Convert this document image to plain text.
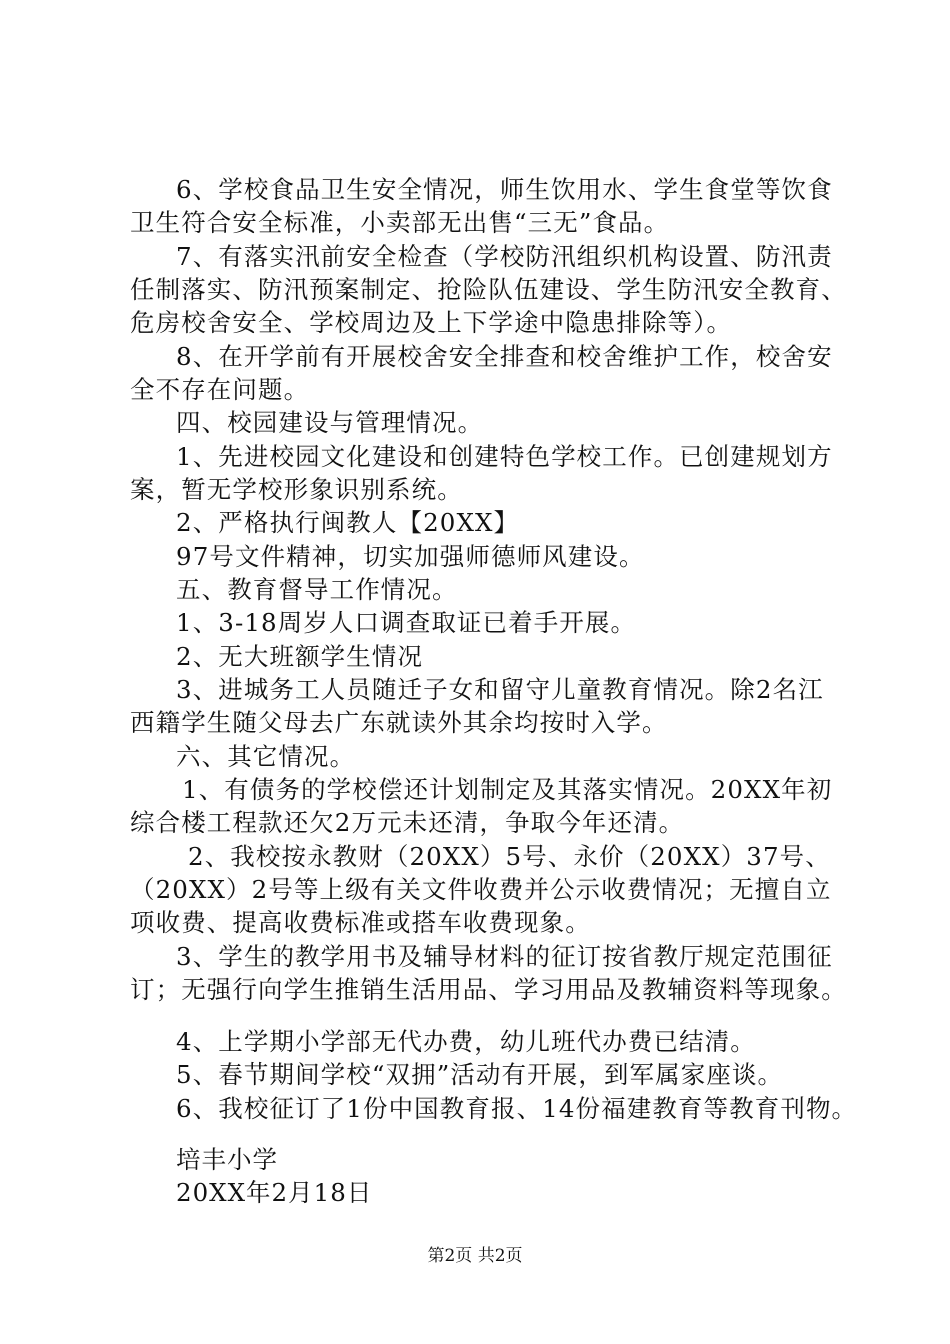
6、学校食品卫生安全情况，师生饮用水、学生食堂等饮食
卫生符合安全标准，小卖部无出售“三无”食品。
7、有落实汛前安全检查（学校防汛组织机构设置、防汛责
任制落实、防汛预案制定、抢险队伍建设、学生防汛安全教育、
危房校舍安全、学校周边及上下学途中隐患排除等）。
8、在开学前有开展校舍安全排查和校舍维护工作，校舍安
全不存在问题。
四、校园建设与管理情况。
1、先进校园文化建设和创建特色学校工作。已创建规划方
案，暂无学校形象识别系统。
2、严格执行闽教人【20XX】
97号文件精神，切实加强师德师风建设。
五、教育督导工作情况。
1、3-18周岁人口调查取证已着手开展。
2、无大班额学生情况
3、进城务工人员随迁子女和留守儿童教育情况。除2名江
西籍学生随父母去广东就读外其余均按时入学。
六、其它情况。
1、有债务的学校偿还计划制定及其落实情况。20XX年初
综合楼工程款还欠2万元未还清，争取今年还清。
2、我校按永教财（20XX）5号、永价（20XX）37号、
（20XX）2号等上级有关文件收费并公示收费情况；无擅自立
项收费、提高收费标准或搭车收费现象。
3、学生的教学用书及辅导材料的征订按省教厅规定范围征
订；无强行向学生推销生活用品、学习用品及教辅资料等现象。
4、上学期小学部无代办费，幼儿班代办费已结清。
5、春节期间学校“双拥”活动有开展，到军属家座谈。
6、我校征订了1份中国教育报、14份福建教育等教育刊物。
培丰小学
20XX年2月18日
第2页 共2页
